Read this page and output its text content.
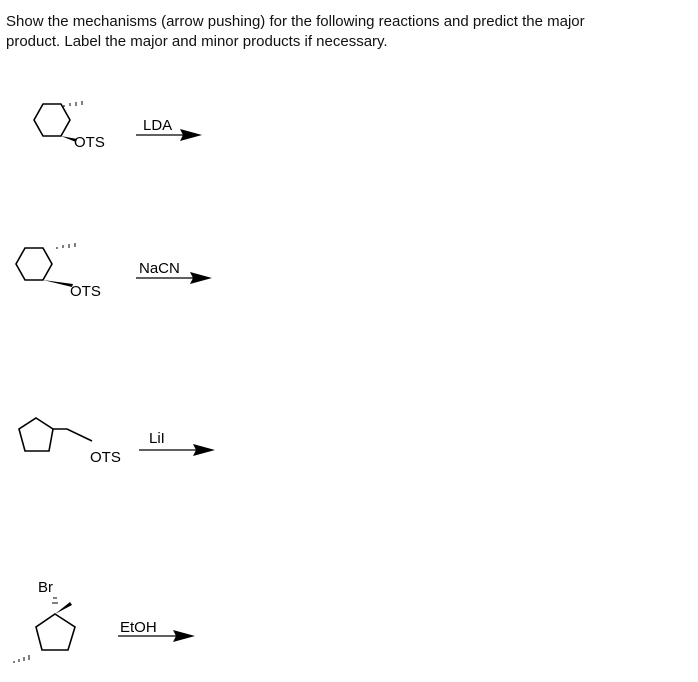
Show the mechanisms (arrow pushing) for the following reactions and predict the major product. Label the major and minor products if necessary.
OTS
LDA
OTS
NaCN
OTS
LiI
Br
EtOH
